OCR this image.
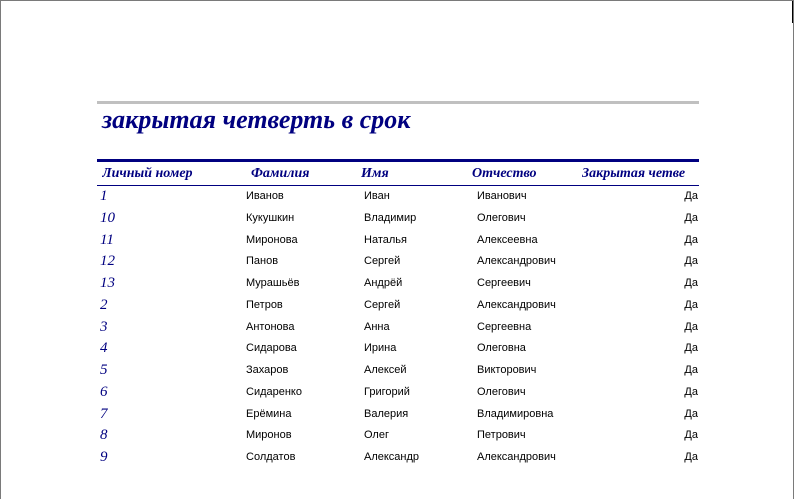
закрытая четверть в срок
Личный номер	Фамилия	Имя	Отчество	Закрытая четве
1	Иванов	Иван	Иванович	Да
10	Кукушкин	Владимир	Олегович	Да
11	Миронова	Наталья	Алексеевна	Да
12	Панов	Сергей	Александрович	Да
13	Мурашьёв	Андрёй	Сергеевич	Да
2	Петров	Сергей	Александрович	Да
3	Антонова	Анна	Сергеевна	Да
4	Сидарова	Ирина	Олеговна	Да
5	Захаров	Алексей	Викторович	Да
6	Сидаренко	Григорий	Олегович	Да
7	Ерёмина	Валерия	Владимировна	Да
8	Миронов	Олег	Петрович	Да
9	Солдатов	Александр	Александрович	Да
